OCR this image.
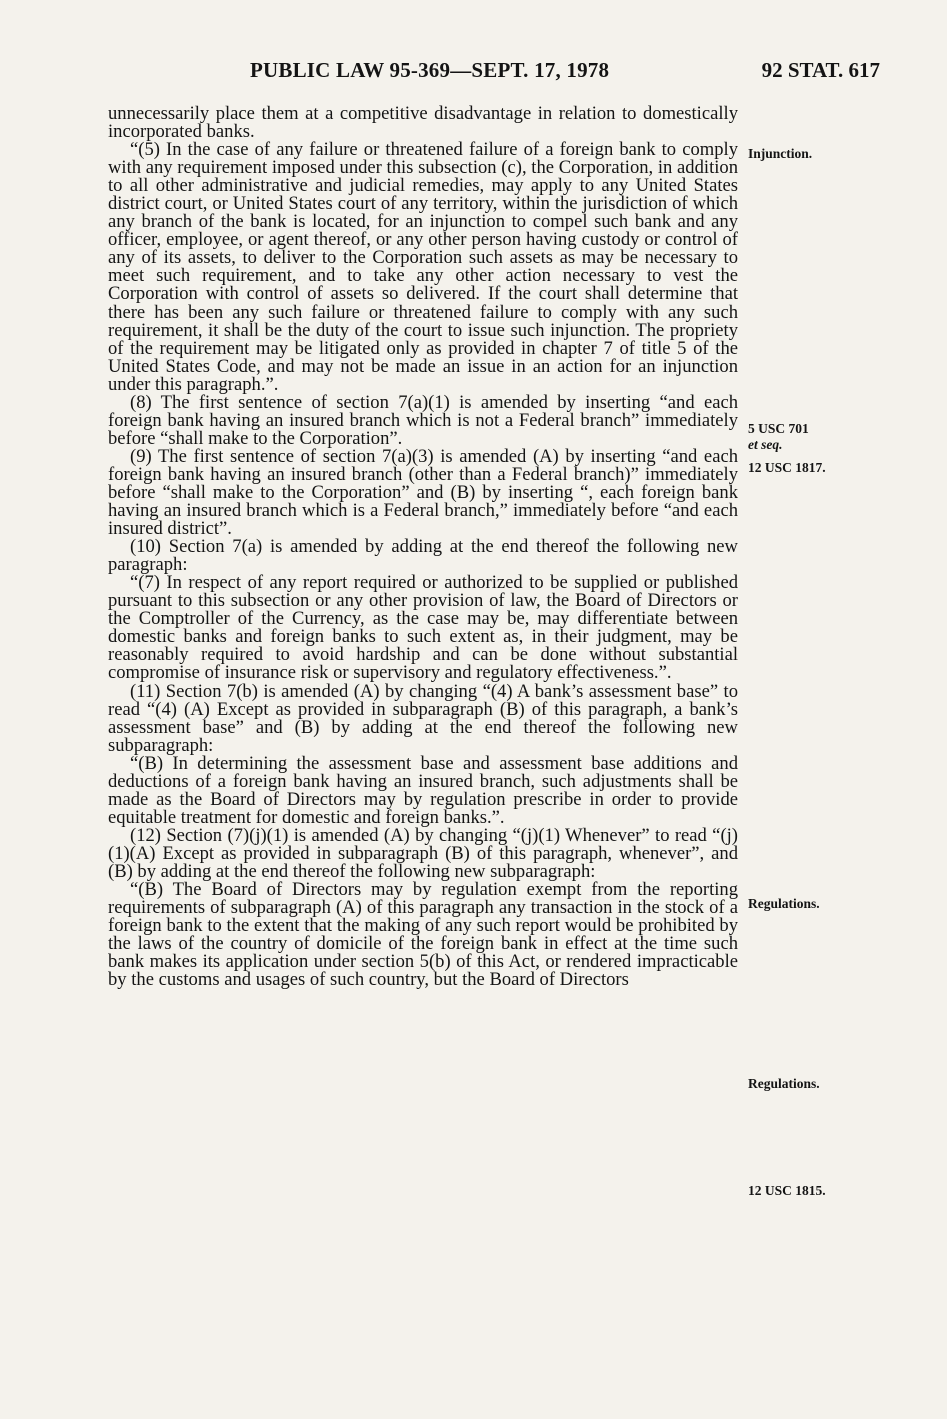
PUBLIC LAW 95-369—SEPT. 17, 1978	92 STAT. 617

unnecessarily place them at a competitive disadvantage in relation to domestically incorporated banks.

“(5) In the case of any failure or threatened failure of a foreign bank to comply with any requirement imposed under this subsection (c), the Corporation, in addition to all other administrative and judicial remedies, may apply to any United States district court, or United States court of any territory, within the jurisdiction of which any branch of the bank is located, for an injunction to compel such bank and any officer, employee, or agent thereof, or any other person having custody or control of any of its assets, to deliver to the Corporation such assets as may be necessary to meet such requirement, and to take any other action necessary to vest the Corporation with control of assets so delivered. If the court shall determine that there has been any such failure or threatened failure to comply with any such requirement, it shall be the duty of the court to issue such injunction. The propriety of the requirement may be litigated only as provided in chapter 7 of title 5 of the United States Code, and may not be made an issue in an action for an injunction under this paragraph.”.

(8) The first sentence of section 7(a)(1) is amended by inserting “and each foreign bank having an insured branch which is not a Federal branch” immediately before “shall make to the Corporation”.

(9) The first sentence of section 7(a)(3) is amended (A) by inserting “and each foreign bank having an insured branch (other than a Federal branch)” immediately before “shall make to the Corporation” and (B) by inserting “, each foreign bank having an insured branch which is a Federal branch,” immediately before “and each insured district”.

(10) Section 7(a) is amended by adding at the end thereof the following new paragraph:

“(7) In respect of any report required or authorized to be supplied or published pursuant to this subsection or any other provision of law, the Board of Directors or the Comptroller of the Currency, as the case may be, may differentiate between domestic banks and foreign banks to such extent as, in their judgment, may be reasonably required to avoid hardship and can be done without substantial compromise of insurance risk or supervisory and regulatory effectiveness.”.

(11) Section 7(b) is amended (A) by changing “(4) A bank’s assessment base” to read “(4) (A) Except as provided in subparagraph (B) of this paragraph, a bank’s assessment base” and (B) by adding at the end thereof the following new subparagraph:

“(B) In determining the assessment base and assessment base additions and deductions of a foreign bank having an insured branch, such adjustments shall be made as the Board of Directors may by regulation prescribe in order to provide equitable treatment for domestic and foreign banks.”.

(12) Section (7)(j)(1) is amended (A) by changing “(j)(1) Whenever” to read “(j)(1)(A) Except as provided in subparagraph (B) of this paragraph, whenever”, and (B) by adding at the end thereof the following new subparagraph:

“(B) The Board of Directors may by regulation exempt from the reporting requirements of subparagraph (A) of this paragraph any transaction in the stock of a foreign bank to the extent that the making of any such report would be prohibited by the laws of the country of domicile of the foreign bank in effect at the time such bank makes its application under section 5(b) of this Act, or rendered impracticable by the customs and usages of such country, but the Board of Directors

Injunction.
5 USC 701
et seq.
12 USC 1817.
Regulations.
Regulations.
12 USC 1815.
